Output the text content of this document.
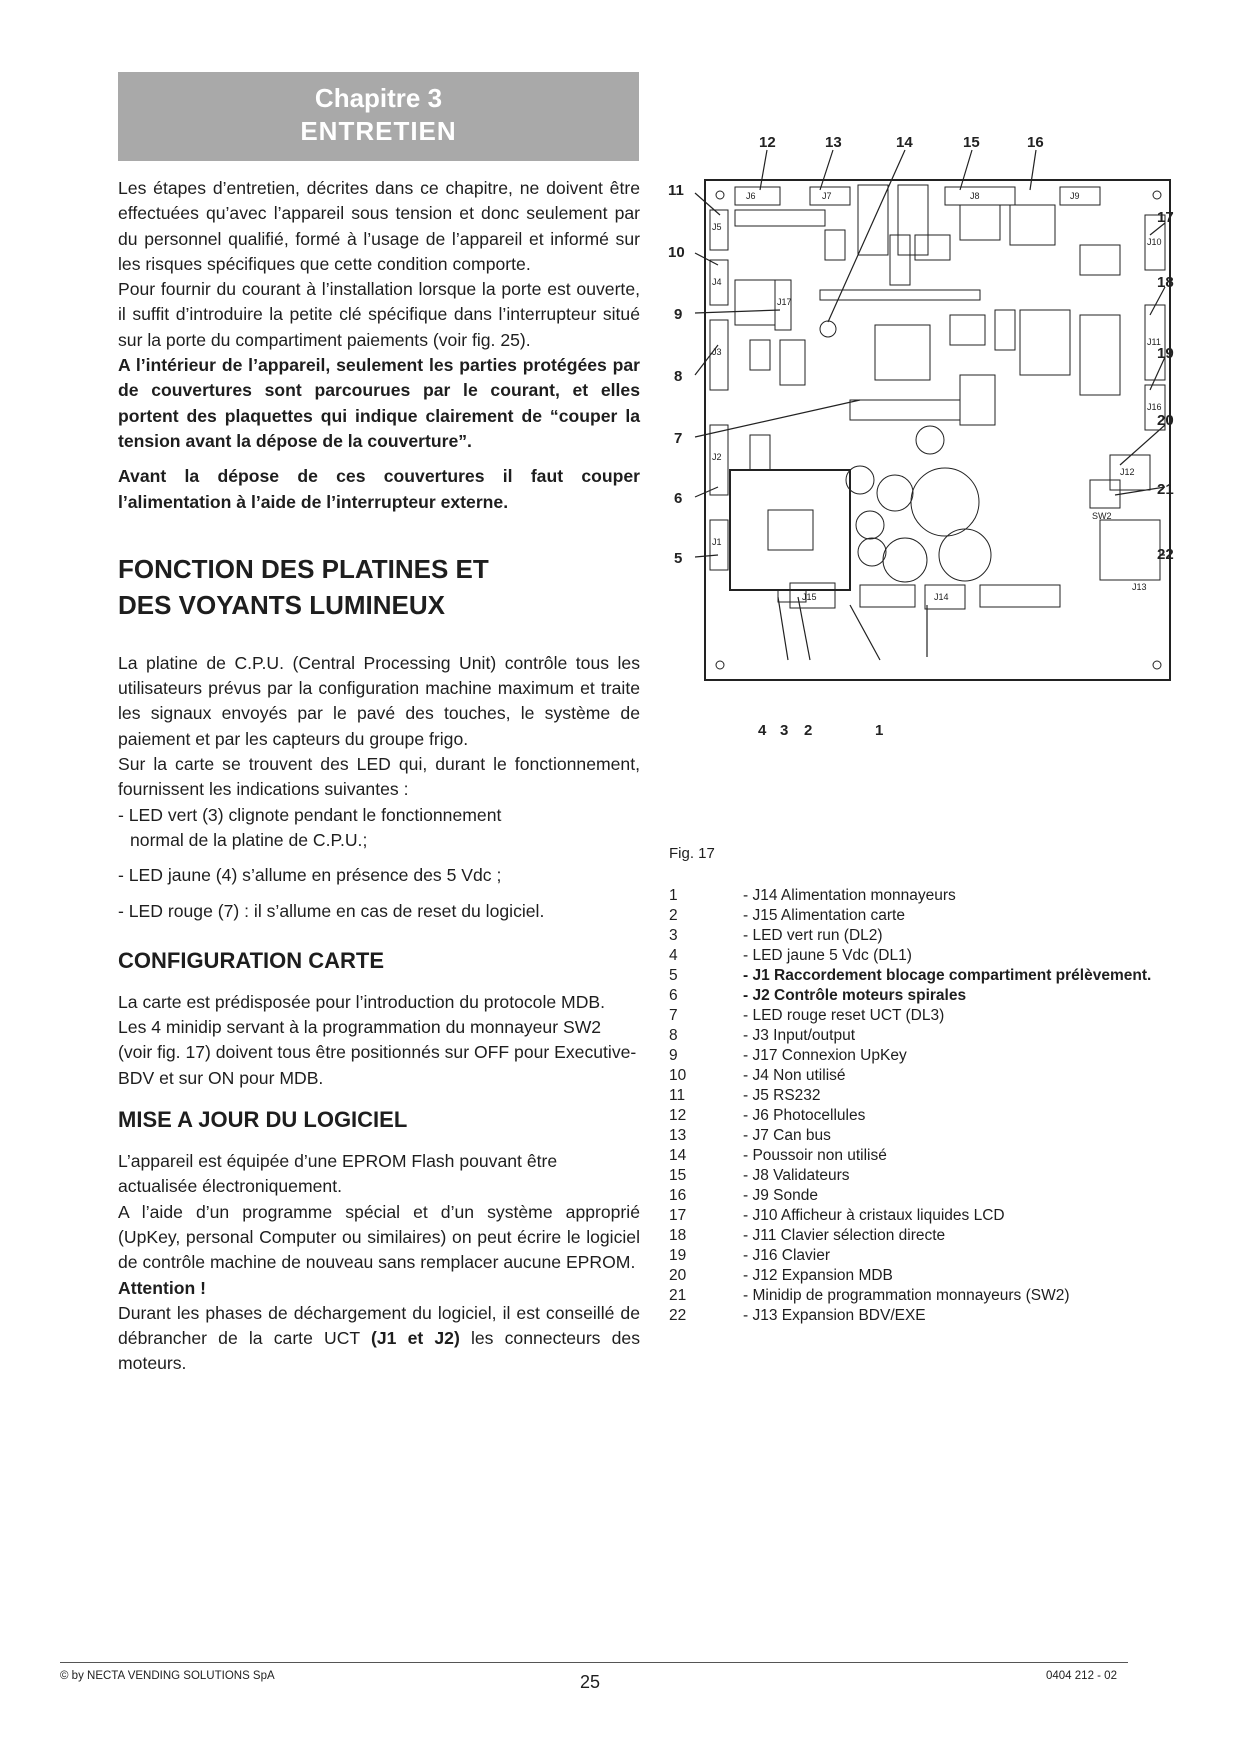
Chapitre 3
ENTRETIEN

Les étapes d’entretien, décrites dans ce chapitre, ne doivent être effectuées qu’avec l’appareil sous tension et donc seulement par du personnel qualifié, formé à l’usage de l’appareil et informé sur les risques spécifiques que cette condition comporte.

Pour fournir du courant à l’installation lorsque la porte est ouverte, il suffit d’introduire la petite clé spécifique dans l’interrupteur situé sur la porte du compartiment paiements (voir fig. 25).

A l’intérieur de l’appareil, seulement les parties protégées par de couvertures sont parcourues par le courant, et elles portent des plaquettes qui indique clairement de “couper la tension avant la dépose de la couverture”.

Avant la dépose de ces couvertures il faut couper l’alimentation à l’aide de l’interrupteur externe.

FONCTION DES PLATINES ET
DES VOYANTS LUMINEUX

La platine de C.P.U. (Central Processing Unit) contrôle tous les utilisateurs prévus par la configuration machine maximum et traite les signaux envoyés par le pavé des touches, le système de paiement et par les capteurs du groupe frigo.

Sur la carte se trouvent des LED qui, durant le fonctionnement, fournissent les indications suivantes :

- LED vert (3) clignote pendant le fonctionnement

normal de la platine de C.P.U.;

- LED jaune (4) s’allume en présence des 5 Vdc ;

- LED rouge (7) : il s’allume en cas de reset du logiciel.

CONFIGURATION CARTE

La carte est prédisposée pour l’introduction du protocole MDB.

Les 4 minidip servant à la programmation du monnayeur SW2 (voir fig. 17) doivent tous être positionnés sur OFF pour Executive-BDV et sur ON pour MDB.

MISE A JOUR DU LOGICIEL

L’appareil est équipée d’une EPROM Flash pouvant être actualisée électroniquement.

A l’aide d’un programme spécial et d’un système approprié (UpKey, personal Computer ou similaires) on peut écrire le logiciel de contrôle machine de nouveau sans remplacer aucune EPROM.

Attention !

Durant les phases de déchargement du logiciel, il est conseillé de débrancher de la carte UCT (J1 et J2) les connecteurs des moteurs.

J6	J7	J8	J9
J5
J4
J17
J3
J2
J1
J10
J11
J16
J12
J13
J14
J15
SW2
1
2
3
4
5
6
7
8
9
10
11
12	13	14	15	16
17
18
19
20
21
22
Fig. 17
1	- J14 Alimentation monnayeurs
2	- J15 Alimentation carte
3	- LED vert run (DL2)
4	- LED jaune 5 Vdc (DL1)
5	- J1 Raccordement blocage compartiment prélèvement.
6	- J2 Contrôle moteurs spirales
7	- LED rouge reset UCT (DL3)
8	- J3 Input/output
9	- J17 Connexion UpKey
10	- J4 Non utilisé
11	- J5 RS232
12	- J6 Photocellules
13	- J7 Can bus
14	- Poussoir non utilisé
15	- J8 Validateurs
16	- J9 Sonde
17	- J10 Afficheur à cristaux liquides LCD
18	- J11 Clavier sélection directe
19	- J16 Clavier
20	- J12 Expansion MDB
21	- Minidip de programmation monnayeurs (SW2)
22	- J13 Expansion BDV/EXE
© by NECTA VENDING SOLUTIONS SpA	25	0404 212 - 02
